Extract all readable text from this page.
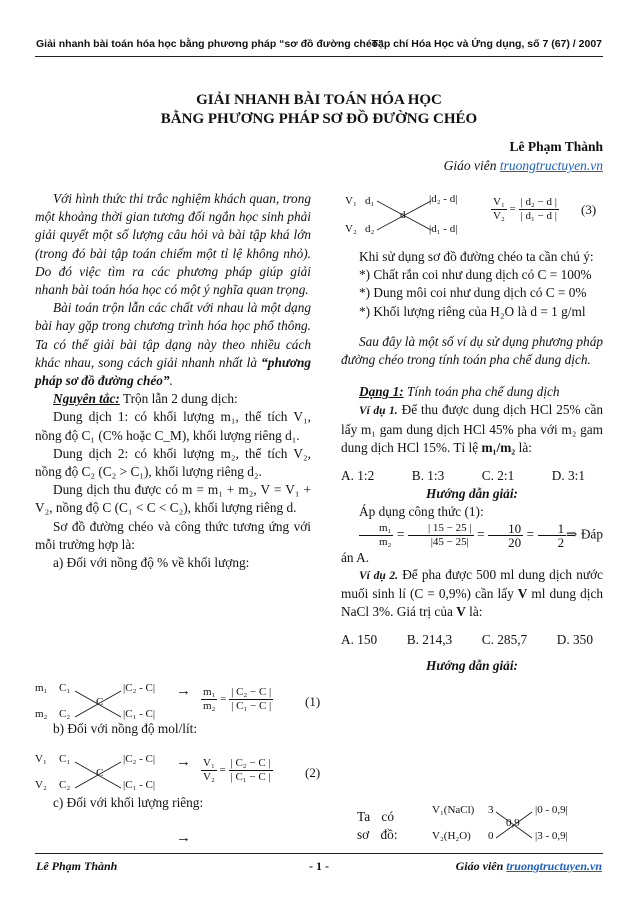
Giải nhanh bài toán hóa học bằng phương pháp “sơ đồ đường chéo”
Tạp chí Hóa Học và Ứng dụng, số 7 (67) / 2007
GIẢI NHANH BÀI TOÁN HÓA HỌC
BẰNG PHƯƠNG PHÁP SƠ ĐỒ ĐƯỜNG CHÉO
Lê Phạm Thành
Giáo viên truongtructuyen.vn

Với hình thức thi trắc nghiệm khách quan, trong một khoảng thời gian tương đối ngắn học sinh phải giải quyết một số lượng câu hỏi và bài tập khá lớn (trong đó bài tập toán chiếm một tỉ lệ không nhỏ). Do đó việc tìm ra các phương pháp giúp giải nhanh bài toán hóa học có một ý nghĩa quan trọng.

Bài toán trộn lẫn các chất với nhau là một dạng bài hay gặp trong chương trình hóa học phổ thông. Ta có thể giải bài tập dạng này theo nhiều cách khác nhau, song cách giải nhanh nhất là “phương pháp sơ đồ đường chéo”.

Nguyên tắc: Trộn lẫn 2 dung dịch:

Dung dịch 1: có khối lượng m₁, thể tích V₁, nồng độ C₁ (C% hoặc C_M), khối lượng riêng d₁.

Dung dịch 2: có khối lượng m₂, thể tích V₂, nồng độ C₂ (C₂ > C₁), khối lượng riêng d₂.

Dung dịch thu được có m = m₁ + m₂, V = V₁ + V₂, nồng độ C (C₁ < C < C₂), khối lượng riêng d.

Sơ đồ đường chéo và công thức tương ứng với mỗi trường hợp là:

a) Đối với nồng độ % về khối lượng:

m₁ C₁
m₂ C₂
C
|C₂ - C|
|C₁ - C|
→ $\frac{\text{m₁}}{\text{m₂}} = \frac{\text{| C₂ − C |}}{\text{| C₁ − C |}} (1)$

b) Đối với nồng độ mol/lít:

V₁ C₁
V₂ C₂
C
|C₂ - C|
|C₁ - C|
→ $\frac{\text{V₁}}{\text{V₂}} = \frac{\text{| C₂ − C |}}{\text{| C₁ − C |}} (2)$

c) Đối với khối lượng riêng:

→
V₁ d₁
V₂ d₂
d
|d₂ - d|
|d₁ - d|
$\frac{\text{V₁}}{\text{V₂}} = \frac{\text{| d₂ − d |}}{\text{| d₁ − d |}} (3)$

Khi sử dụng sơ đồ đường chéo ta cần chú ý:

*) Chất rắn coi như dung dịch có C = 100%

*) Dung môi coi như dung dịch có C = 0%

*) Khối lượng riêng của H₂O là d = 1 g/ml

Sau đây là một số ví dụ sử dụng phương pháp đường chéo trong tính toán pha chế dung dịch.

Dạng 1: Tính toán pha chế dung dịch

Ví dụ 1. Để thu được dung dịch HCl 25% cần lấy m₁ gam dung dịch HCl 45% pha với m₂ gam dung dịch HCl 15%. Tỉ lệ m₁/m₂ là:

A. 1:2	B. 1:3	C. 2:1	D. 3:1

Hướng dẫn giải:

Áp dụng công thức (1):

$\frac{\text{m₁}}{\text{m₂}} = \frac{| 15 - 25 |}{|45 - 25|} = \frac{10}{20} = \frac{1}{2}$ ⇒ Đáp án A.

Ví dụ 2. Để pha được 500 ml dung dịch nước muối sinh lí (C = 0,9%) cần lấy V ml dung dịch NaCl 3%. Giá trị của V là:

A. 150 B. 214,3 C. 285,7 D. 350

Hướng dẫn giải:

Ta có sơ đồ:

V₁(NaCl) 3
V₂(H₂O) 0
0,9
|0 - 0,9|
|3 - 0,9|
Lê Phạm Thành	- 1 -	Giáo viên truongtructuyen.vn
